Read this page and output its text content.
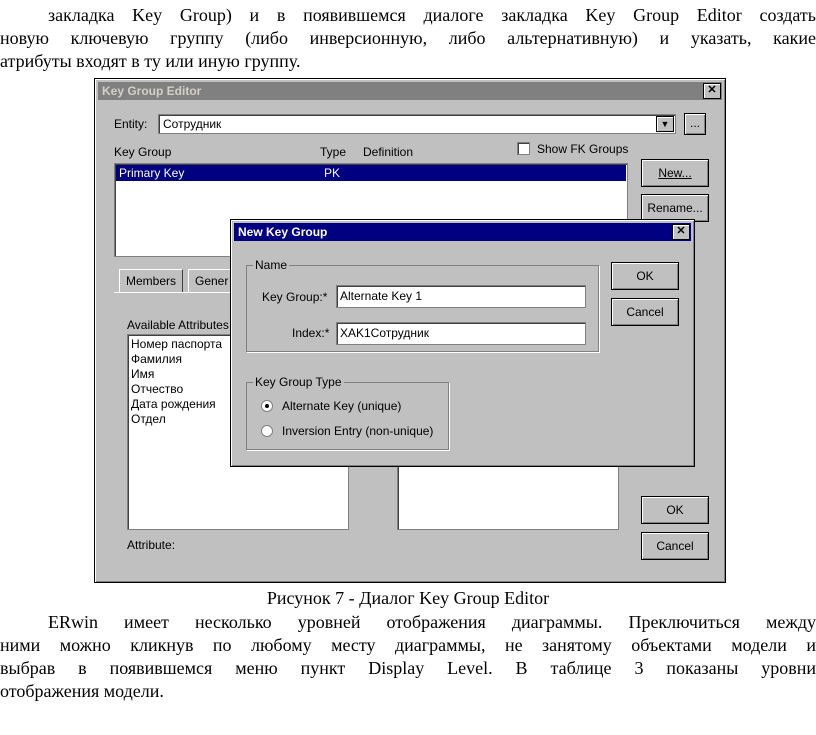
закладка Key Group) и в появившемся диалоге закладка Key Group Editor создать
новую ключевую группу (либо инверсионную, либо альтернативную) и указать, какие
атрибуты входят в ту или иную группу.
Key Group Editor	✕
Entity: Сотрудник	▼	...
Key Group	Type Definition	Show FK Groups
Primary Key	PK	New...
Rename...
Members	Gener
Available Attributes
Номер паспорта
Фамилия
Имя
Отчество
Дата рождения
Отдел
Attribute:
OK
Cancel
New Key Group	✕
Name
Key Group:* Alternate Key 1
Index:* XAK1Сотрудник
OK
Cancel
Key Group Type
Alternate Key (unique)
Inversion Entry (non-unique)
Рисунок 7 - Диалог Key Group Editor
ERwin имеет несколько уровней отображения диаграммы. Преключиться между
ними можно кликнув по любому месту диаграммы, не занятому объектами модели и
выбрав в появившемся меню пункт Display Level. В таблице 3 показаны уровни
отображения модели.
